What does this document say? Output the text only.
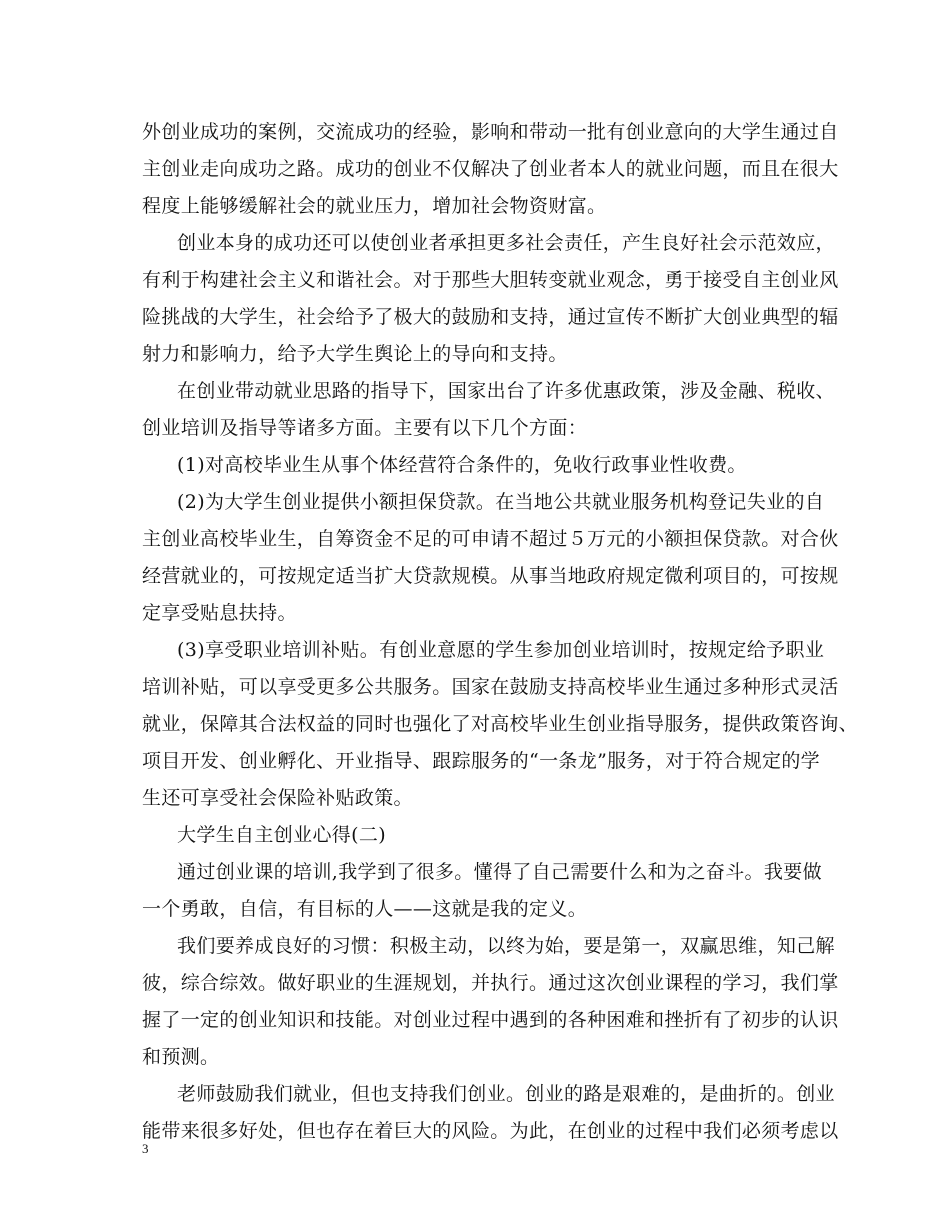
外创业成功的案例，交流成功的经验，影响和带动一批有创业意向的大学生通过自
主创业走向成功之路。成功的创业不仅解决了创业者本人的就业问题，而且在很大
程度上能够缓解社会的就业压力，增加社会物资财富。
创业本身的成功还可以使创业者承担更多社会责任，产生良好社会示范效应，
有利于构建社会主义和谐社会。对于那些大胆转变就业观念，勇于接受自主创业风
险挑战的大学生，社会给予了极大的鼓励和支持，通过宣传不断扩大创业典型的辐
射力和影响力，给予大学生舆论上的导向和支持。
在创业带动就业思路的指导下，国家出台了许多优惠政策，涉及金融、税收、
创业培训及指导等诸多方面。主要有以下几个方面：
(1)对高校毕业生从事个体经营符合条件的，免收行政事业性收费。
(2)为大学生创业提供小额担保贷款。在当地公共就业服务机构登记失业的自
主创业高校毕业生，自筹资金不足的可申请不超过５万元的小额担保贷款。对合伙
经营就业的，可按规定适当扩大贷款规模。从事当地政府规定微利项目的，可按规
定享受贴息扶持。
(3)享受职业培训补贴。有创业意愿的学生参加创业培训时，按规定给予职业
培训补贴，可以享受更多公共服务。国家在鼓励支持高校毕业生通过多种形式灵活
就业，保障其合法权益的同时也强化了对高校毕业生创业指导服务，提供政策咨询、
项目开发、创业孵化、开业指导、跟踪服务的“一条龙”服务，对于符合规定的学
生还可享受社会保险补贴政策。
大学生自主创业心得(二)
通过创业课的培训,我学到了很多。懂得了自己需要什么和为之奋斗。我要做
一个勇敢，自信，有目标的人——这就是我的定义。
我们要养成良好的习惯：积极主动，以终为始，要是第一，双赢思维，知己解
彼，综合综效。做好职业的生涯规划，并执行。通过这次创业课程的学习，我们掌
握了一定的创业知识和技能。对创业过程中遇到的各种困难和挫折有了初步的认识
和预测。
老师鼓励我们就业，但也支持我们创业。创业的路是艰难的，是曲折的。创业
能带来很多好处，但也存在着巨大的风险。为此，在创业的过程中我们必须考虑以
3
